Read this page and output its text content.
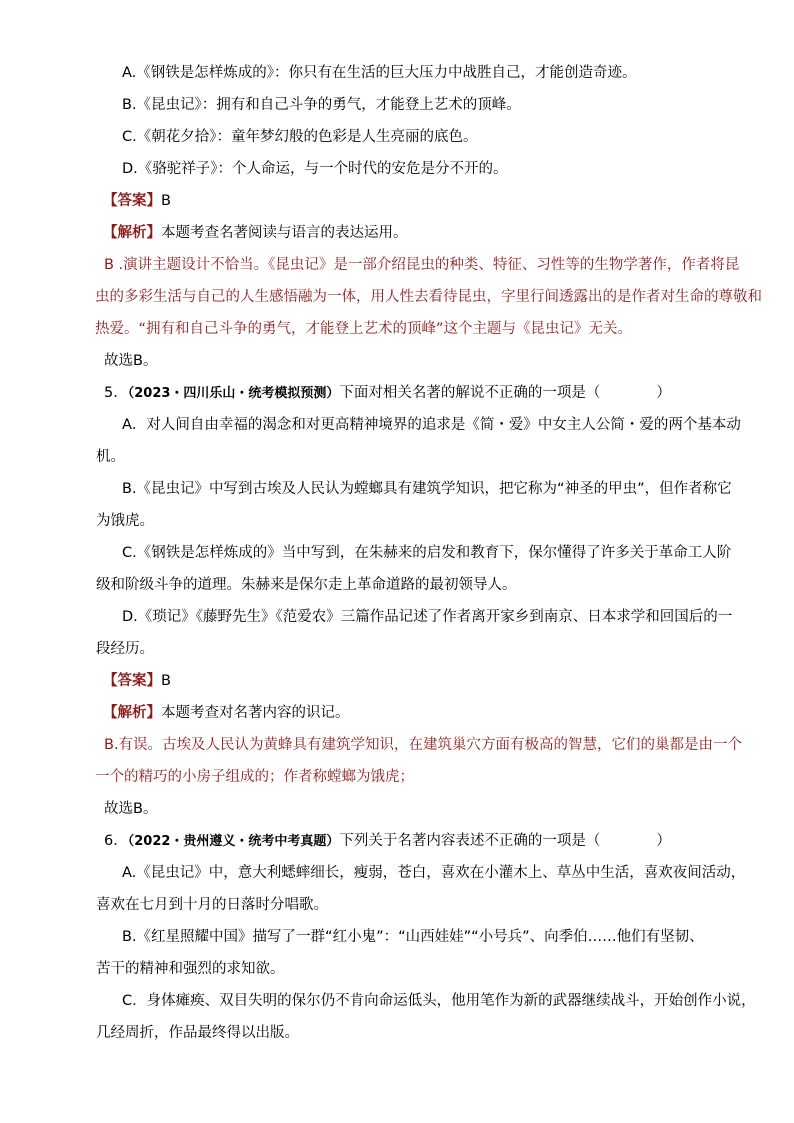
A.《钢铁是怎样炼成的》：你只有在生活的巨大压力中战胜自己，才能创造奇迹。
B.《昆虫记》：拥有和自己斗争的勇气，才能登上艺术的顶峰。
C.《朝花夕拾》：童年梦幻般的色彩是人生亮丽的底色。
D.《骆驼祥子》：个人命运，与一个时代的安危是分不开的。
【答案】B
【解析】本题考查名著阅读与语言的表达运用。
B .演讲主题设计不恰当。《昆虫记》是一部介绍昆虫的种类、特征、习性等的生物学著作，作者将昆
虫的多彩生活与自己的人生感悟融为一体，用人性去看待昆虫，字里行间透露出的是作者对生命的尊敬和
热爱。“拥有和自己斗争的勇气，才能登上艺术的顶峰”这个主题与《昆虫记》无关。
故选B。
5．（2023・四川乐山・统考模拟预测）下面对相关名著的解说不正确的一项是（	）
A．对人间自由幸福的渴念和对更高精神境界的追求是《简・爱》中女主人公简・爱的两个基本动
机。
B.《昆虫记》中写到古埃及人民认为螳螂具有建筑学知识，把它称为“神圣的甲虫”，但作者称它
为饿虎。
C.《钢铁是怎样炼成的》当中写到，在朱赫来的启发和教育下，保尔懂得了许多关于革命工人阶
级和阶级斗争的道理。朱赫来是保尔走上革命道路的最初领导人。
D.《琐记》《藤野先生》《范爱农》三篇作品记述了作者离开家乡到南京、日本求学和回国后的一
段经历。
【答案】B
【解析】本题考查对名著内容的识记。
B.有误。古埃及人民认为黄蜂具有建筑学知识，在建筑巢穴方面有极高的智慧，它们的巢都是由一个
一个的精巧的小房子组成的；作者称螳螂为饿虎；
故选B。
6．（2022・贵州遵义・统考中考真题）下列关于名著内容表述不正确的一项是（	）
A.《昆虫记》中，意大利蟋蟀细长，瘦弱，苍白，喜欢在小灌木上、草丛中生活，喜欢夜间活动，
喜欢在七月到十月的日落时分唱歌。
B.《红星照耀中国》描写了一群“红小鬼”：“山西娃娃”“小号兵”、向季伯……他们有坚韧、
苦干的精神和强烈的求知欲。
C．身体瘫痪、双目失明的保尔仍不肯向命运低头，他用笔作为新的武器继续战斗，开始创作小说，
几经周折，作品最终得以出版。
